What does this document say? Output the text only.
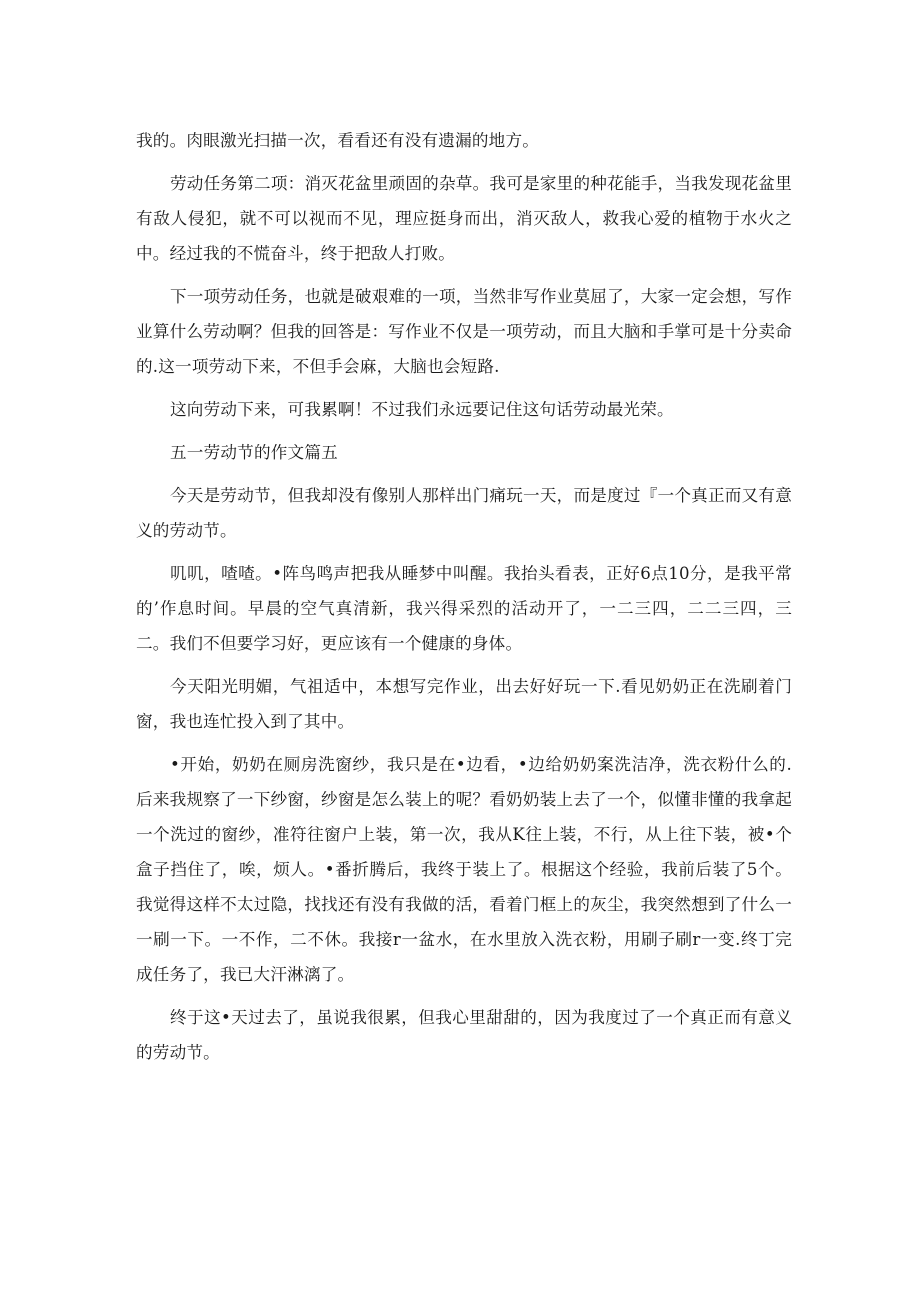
我的。肉眼激光扫描一次，看看还有没有遗漏的地方。

劳动任务第二项：消灭花盆里顽固的杂草。我可是家里的种花能手，当我发现花盆里有敌人侵犯，就不可以视而不见，理应挺身而出，消灭敌人，救我心爱的植物于水火之中。经过我的不慌奋斗，终于把敌人打败。

下一项劳动任务，也就是破艰难的一项，当然非写作业莫屈了，大家一定会想，写作业算什么劳动啊？但我的回答是：写作业不仅是一项劳动，而且大脑和手掌可是十分卖命的.这一项劳动下来，不但手会麻，大脑也会短路.

这向劳动下来，可我累啊！不过我们永远要记住这句话劳动最光荣。

五一劳动节的作文篇五

今天是劳动节，但我却没有像别人那样出门痛玩一天，而是度过『一个真正而又有意义的劳动节。

叽叽，喳喳。•阵鸟鸣声把我从睡梦中叫醒。我抬头看表，正好6点10分，是我平常的’作息时间。早晨的空气真清新，我兴得采烈的活动开了，一二三四，二二三四，三二。我们不但要学习好，更应该有一个健康的身体。

今天阳光明媚，气祖适中，本想写完作业，出去好好玩一下.看见奶奶正在洗刷着门窗，我也连忙投入到了其中。

•开始，奶奶在厕房洗窗纱，我只是在•边看，•边给奶奶案洗洁净，洗衣粉什么的.后来我规察了一下纱窗，纱窗是怎么装上的呢？看奶奶装上去了一个，似懂非懂的我拿起一个洗过的窗纱，准符往窗户上装，第一次，我从K往上装，不行，从上往下装，被•个盒子挡住了，唉，烦人。•番折腾后，我终于装上了。根据这个经验，我前后装了5个。我觉得这样不太过隐，找找还有没有我做的活，看着门框上的灰尘，我突然想到了什么一一刷一下。一不作，二不休。我接r一盆水，在水里放入洗衣粉，用刷子刷r一变.终丁完成任务了，我已大汗淋漓了。

终于这•天过去了，虽说我很累，但我心里甜甜的，因为我度过了一个真正而有意义的劳动节。
